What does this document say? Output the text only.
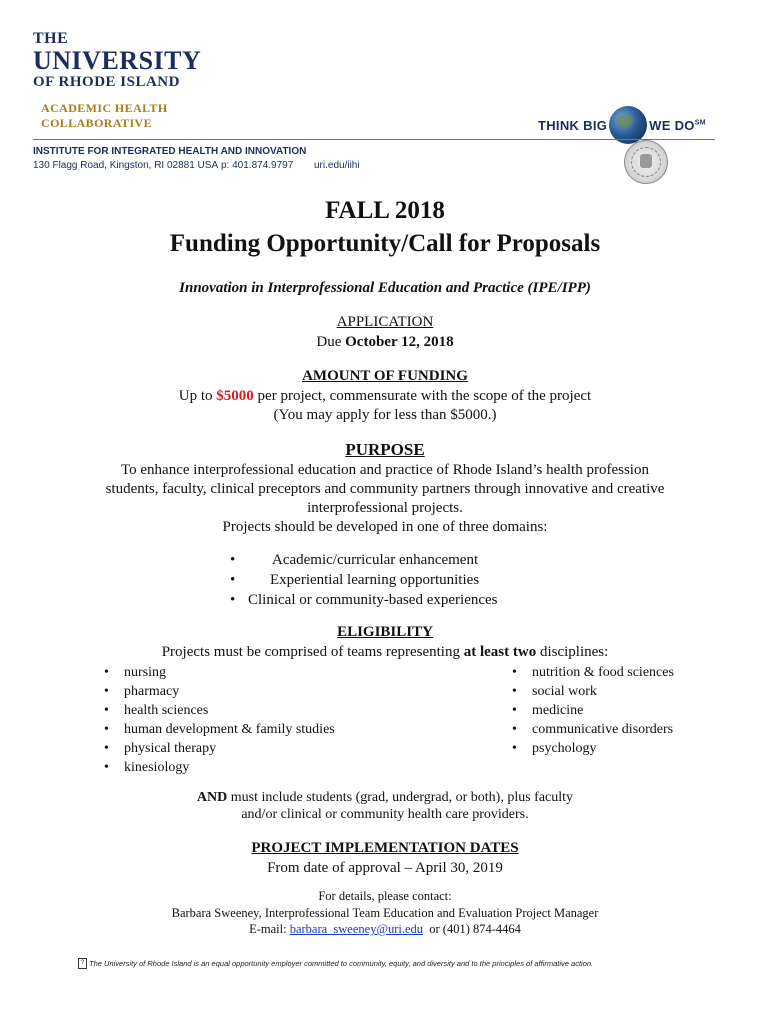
THE
UNIVERSITY
OF RHODE ISLAND
ACADEMIC HEALTH
COLLABORATIVE	THINK BIG	WE DO℠
INSTITUTE FOR INTEGRATED HEALTH AND INNOVATION
130 Flagg Road, Kingston, RI 02881 USA p: 401.874.9797 uri.edu/iihi
FALL 2018
Funding Opportunity/Call for Proposals
Innovation in Interprofessional Education and Practice (IPE/IPP)
APPLICATION
Due October 12, 2018
AMOUNT OF FUNDING
Up to $5000 per project, commensurate with the scope of the project
(You may apply for less than $5000.)
PURPOSE
To enhance interprofessional education and practice of Rhode Island’s health profession
students, faculty, clinical preceptors and community partners through innovative and creative
interprofessional projects.
Projects should be developed in one of three domains:
• Academic/curricular enhancement
• Experiential learning opportunities
• Clinical or community-based experiences
ELIGIBILITY
Projects must be comprised of teams representing at least two disciplines:
• nursing
• pharmacy
• health sciences
• human development & family studies
• physical therapy
• kinesiology
• nutrition & food sciences
• social work
• medicine
• communicative disorders
• psychology
AND must include students (grad, undergrad, or both), plus faculty
and/or clinical or community health care providers.
PROJECT IMPLEMENTATION DATES
From date of approval – April 30, 2019
For details, please contact:
Barbara Sweeney, Interprofessional Team Education and Evaluation Project Manager
E-mail: barbara_sweeney@uri.edu  or (401) 874-4464
? The University of Rhode Island is an equal opportunity employer committed to community, equity, and diversity and to the principles of affirmative action.
